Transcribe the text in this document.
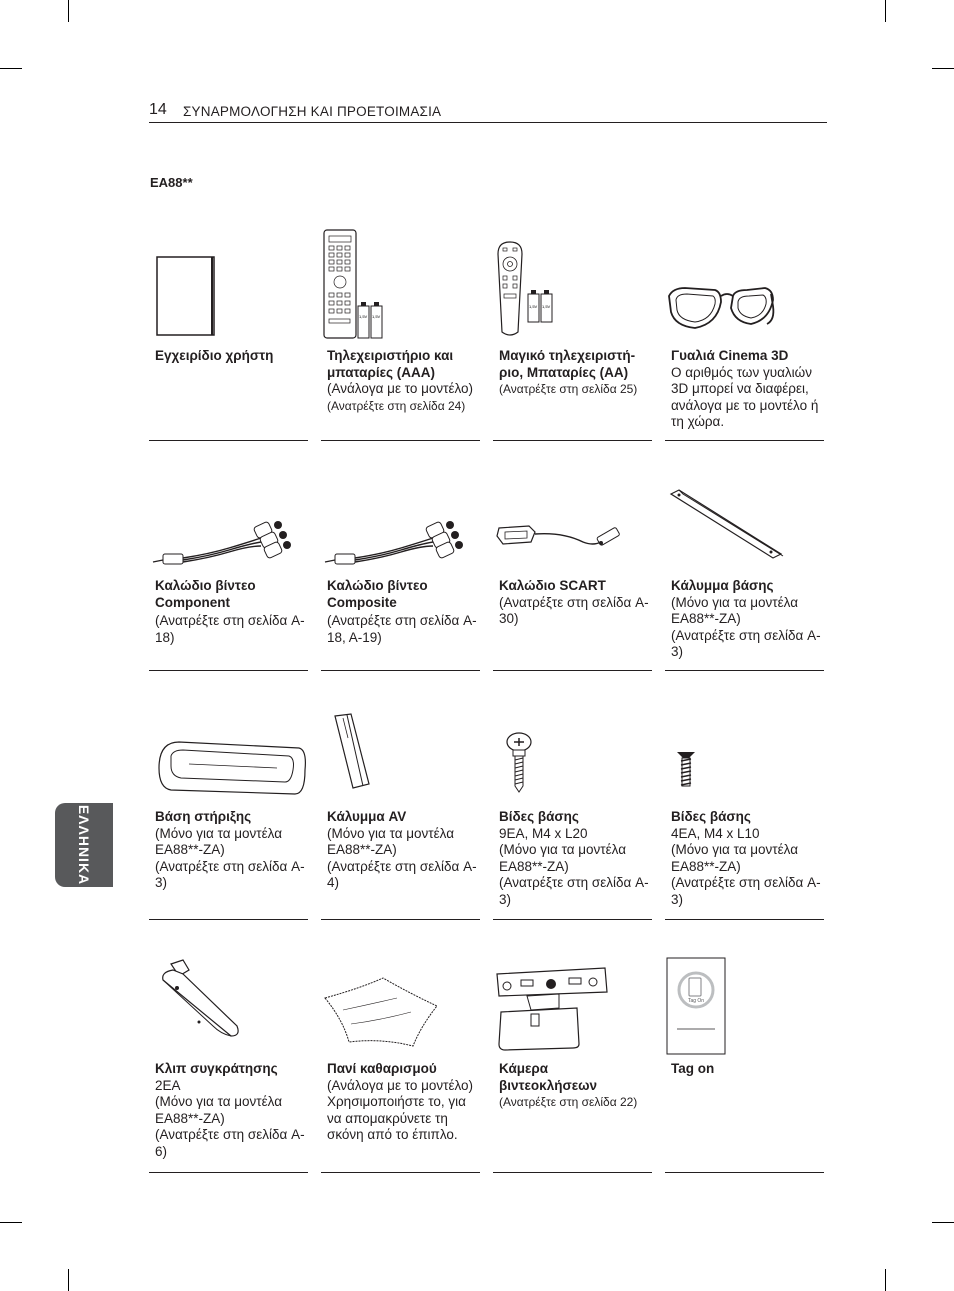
14 ΣΥΝΑΡΜΟΛΟΓΗΣΗ ΚΑΙ ΠΡΟΕΤΟΙΜΑΣΙΑ
EA88**
ΕΛΛΗΝΙΚΑ
Εγχειρίδιο χρήστη
1,5V 1,5V
Τηλεχειριστήριο και μπαταρίες (AAA)
(Ανάλογα με το μοντέλο)
(Ανατρέξτε στη σελίδα 24)
1,5V 1,5V
Μαγικό τηλεχειριστή-ριο, Μπαταρίες (AA)
(Ανατρέξτε στη σελίδα 25)
Γυαλιά Cinema 3D
Ο αριθμός των γυαλιών 3D μπορεί να διαφέρει, ανάλογα με το μοντέλο ή τη χώρα.
Καλώδιο βίντεο Component
(Ανατρέξτε στη σελίδα A-18)
Καλώδιο βίντεο Composite
(Ανατρέξτε στη σελίδα A-18, A-19)
Καλώδιο SCART
(Ανατρέξτε στη σελίδα A-30)
Κάλυμμα βάσης
(Μόνο για τα μοντέλα EA88**-ZA)
(Ανατρέξτε στη σελίδα A-3)
Βάση στήριξης
(Μόνο για τα μοντέλα EA88**-ZA)
(Ανατρέξτε στη σελίδα A-3)
Κάλυμμα AV
(Μόνο για τα μοντέλα EA88**-ZA)
(Ανατρέξτε στη σελίδα A-4)
Βίδες βάσης
9EA, M4 x L20
(Μόνο για τα μοντέλα EA88**-ZA)
(Ανατρέξτε στη σελίδα A-3)
Βίδες βάσης
4EA, M4 x L10
(Μόνο για τα μοντέλα EA88**-ZA)
(Ανατρέξτε στη σελίδα A-3)
Κλιπ συγκράτησης
2EA
(Μόνο για τα μοντέλα EA88**-ZA)
(Ανατρέξτε στη σελίδα A-6)
Πανί καθαρισμού
(Ανάλογα με το μοντέλο)
Χρησιμοποιήστε το, για να απομακρύνετε τη σκόνη από το έπιπλο.
Κάμερα βιντεοκλήσεων
(Ανατρέξτε στη σελίδα 22)
Tag On
Tag on
